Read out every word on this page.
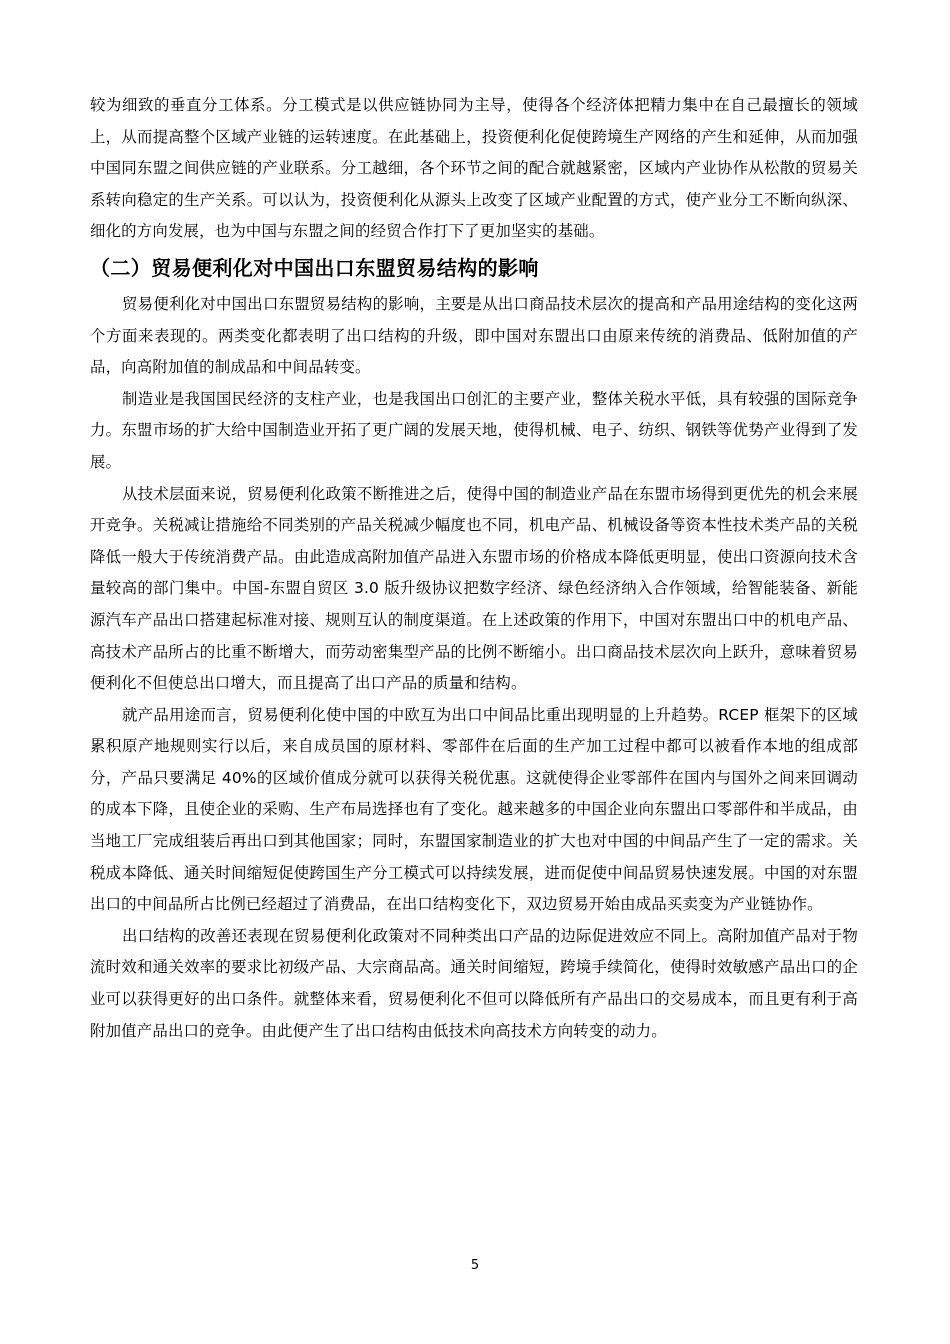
较为细致的垂直分工体系。分工模式是以供应链协同为主导，使得各个经济体把精力集中在自己最擅长的领域上，从而提高整个区域产业链的运转速度。在此基础上，投资便利化促使跨境生产网络的产生和延伸，从而加强中国同东盟之间供应链的产业联系。分工越细，各个环节之间的配合就越紧密，区域内产业协作从松散的贸易关系转向稳定的生产关系。可以认为，投资便利化从源头上改变了区域产业配置的方式，使产业分工不断向纵深、细化的方向发展，也为中国与东盟之间的经贸合作打下了更加坚实的基础。

（二）贸易便利化对中国出口东盟贸易结构的影响

贸易便利化对中国出口东盟贸易结构的影响，主要是从出口商品技术层次的提高和产品用途结构的变化这两个方面来表现的。两类变化都表明了出口结构的升级，即中国对东盟出口由原来传统的消费品、低附加值的产品，向高附加值的制成品和中间品转变。

制造业是我国国民经济的支柱产业，也是我国出口创汇的主要产业，整体关税水平低，具有较强的国际竞争力。东盟市场的扩大给中国制造业开拓了更广阔的发展天地，使得机械、电子、纺织、钢铁等优势产业得到了发展。

从技术层面来说，贸易便利化政策不断推进之后，使得中国的制造业产品在东盟市场得到更优先的机会来展开竞争。关税减让措施给不同类别的产品关税减少幅度也不同，机电产品、机械设备等资本性技术类产品的关税降低一般大于传统消费产品。由此造成高附加值产品进入东盟市场的价格成本降低更明显，使出口资源向技术含量较高的部门集中。中国-东盟自贸区 3.0 版升级协议把数字经济、绿色经济纳入合作领域，给智能装备、新能源汽车产品出口搭建起标准对接、规则互认的制度渠道。在上述政策的作用下，中国对东盟出口中的机电产品、高技术产品所占的比重不断增大，而劳动密集型产品的比例不断缩小。出口商品技术层次向上跃升，意味着贸易便利化不但使总出口增大，而且提高了出口产品的质量和结构。

就产品用途而言，贸易便利化使中国的中欧互为出口中间品比重出现明显的上升趋势。RCEP 框架下的区域累积原产地规则实行以后，来自成员国的原材料、零部件在后面的生产加工过程中都可以被看作本地的组成部分，产品只要满足 40%的区域价值成分就可以获得关税优惠。这就使得企业零部件在国内与国外之间来回调动的成本下降，且使企业的采购、生产布局选择也有了变化。越来越多的中国企业向东盟出口零部件和半成品，由当地工厂完成组装后再出口到其他国家；同时，东盟国家制造业的扩大也对中国的中间品产生了一定的需求。关税成本降低、通关时间缩短促使跨国生产分工模式可以持续发展，进而促使中间品贸易快速发展。中国的对东盟出口的中间品所占比例已经超过了消费品，在出口结构变化下，双边贸易开始由成品买卖变为产业链协作。

出口结构的改善还表现在贸易便利化政策对不同种类出口产品的边际促进效应不同上。高附加值产品对于物流时效和通关效率的要求比初级产品、大宗商品高。通关时间缩短，跨境手续简化，使得时效敏感产品出口的企业可以获得更好的出口条件。就整体来看，贸易便利化不但可以降低所有产品出口的交易成本，而且更有利于高附加值产品出口的竞争。由此便产生了出口结构由低技术向高技术方向转变的动力。

5
